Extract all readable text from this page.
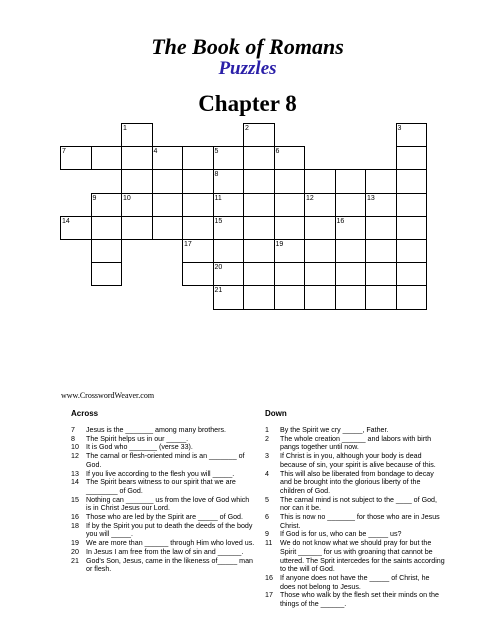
The Book of Romans
Puzzles
Chapter 8
7
8
10
14
17
20
21
1	2	3
4	5	6
9	11	12	13
15	16
19
www.CrosswordWeaver.com
Across	Down
7	Jesus is the _______ among many brothers.
8	The Spirit helps us in our _____.
10	It is God who _______ (verse 33).
12	The carnal or flesh-oriented mind is an _______ of God.
13	If you live according to the flesh you will _____.
14	The Spirit bears witness to our spirit that we are ________ of God.
15	Nothing can _______ us from the love of God which is in Christ Jesus our Lord.
16	Those who are led by the Spirit are _____ of God.
18	If by the Spirit you put to death the deeds of the body you will _____.
19	We are more than ______ through Him who loved us.
20	In Jesus I am free from the law of sin and ______.
21	God's Son, Jesus, came in the likeness of_____ man or flesh.
1	By the Spirit we cry _____, Father.
2	The whole creation ______ and labors with birth pangs together until now.
3	If Christ is in you, although your body is dead because of sin, your spirit is alive because of this.
4	This will also be liberated from bondage to decay and be brought into the glorious liberty of the children of God.
5	The carnal mind is not subject to the ____ of God, nor can it be.
6	This is now no _______ for those who are in Jesus Christ.
9	If God is for us, who can be _____ us?
11	We do not know what we should pray for but the Spirit ______ for us with groaning that cannot be uttered. The Sprit intercedes for the saints according to the will of God.
16	If anyone does not have the _____ of Christ, he does not belong to Jesus.
17	Those who walk by the flesh set their minds on the things of the ______.
